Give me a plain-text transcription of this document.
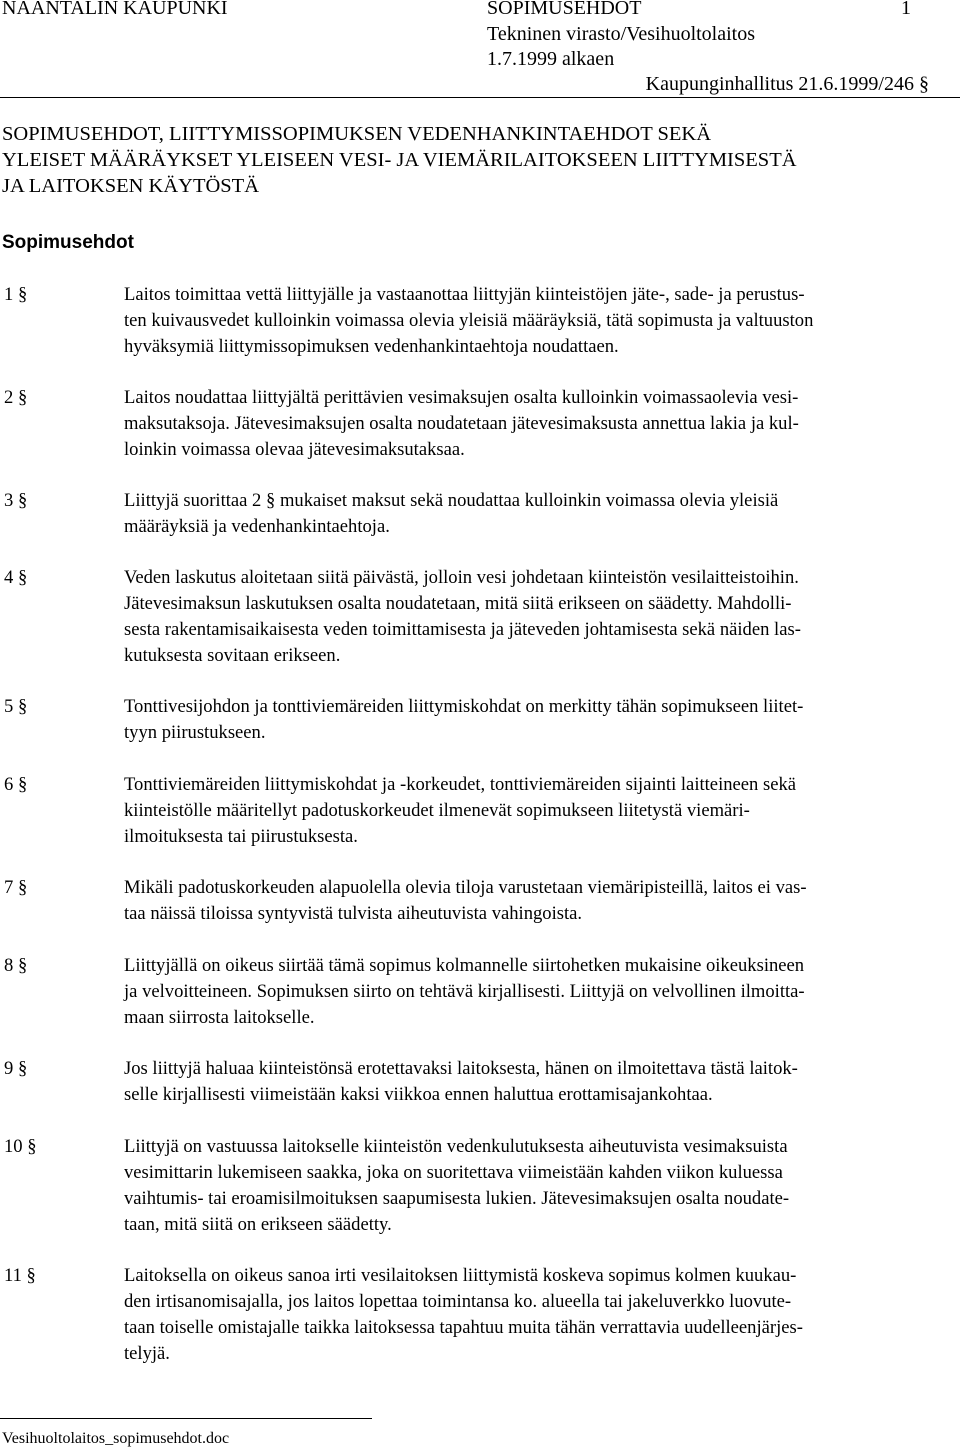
NAANTALIN KAUPUNKI	SOPIMUSEHDOT	1
Tekninen virasto/Vesihuoltolaitos
1.7.1999 alkaen
Kaupunginhallitus 21.6.1999/246 §
SOPIMUSEHDOT, LIITTYMISSOPIMUKSEN VEDENHANKINTAEHDOT SEKÄ
YLEISET MÄÄRÄYKSET YLEISEEN VESI- JA VIEMÄRILAITOKSEEN LIITTYMISESTÄ
JA LAITOKSEN KÄYTÖSTÄ
Sopimusehdot
1 §	Laitos toimittaa vettä liittyjälle ja vastaanottaa liittyjän kiinteistöjen jäte-, sade- ja perustus-
ten kuivausvedet kulloinkin voimassa olevia yleisiä määräyksiä, tätä sopimusta ja valtuuston
hyväksymiä liittymissopimuksen vedenhankintaehtoja noudattaen.
2 §	Laitos noudattaa liittyjältä perittävien vesimaksujen osalta kulloinkin voimassaolevia vesi-
maksutaksoja. Jätevesimaksujen osalta noudatetaan jätevesimaksusta annettua lakia ja kul-
loinkin voimassa olevaa jätevesimaksutaksaa.
3 §	Liittyjä suorittaa 2 § mukaiset maksut sekä noudattaa kulloinkin voimassa olevia yleisiä
määräyksiä ja vedenhankintaehtoja.
4 §	Veden laskutus aloitetaan siitä päivästä, jolloin vesi johdetaan kiinteistön vesilaitteistoihin.
Jätevesimaksun laskutuksen osalta noudatetaan, mitä siitä erikseen on säädetty. Mahdolli-
sesta rakentamisaikaisesta veden toimittamisesta ja jäteveden johtamisesta sekä näiden las-
kutuksesta sovitaan erikseen.
5 §	Tonttivesijohdon ja tonttiviemäreiden liittymiskohdat on merkitty tähän sopimukseen liitet-
tyyn piirustukseen.
6 §	Tonttiviemäreiden liittymiskohdat ja -korkeudet, tonttiviemäreiden sijainti laitteineen sekä
kiinteistölle määritellyt padotuskorkeudet ilmenevät sopimukseen liitetystä viemäri-
ilmoituksesta tai piirustuksesta.
7 §	Mikäli padotuskorkeuden alapuolella olevia tiloja varustetaan viemäripisteillä, laitos ei vas-
taa näissä tiloissa syntyvistä tulvista aiheutuvista vahingoista.
8 §	Liittyjällä on oikeus siirtää tämä sopimus kolmannelle siirtohetken mukaisine oikeuksineen
ja velvoitteineen. Sopimuksen siirto on tehtävä kirjallisesti. Liittyjä on velvollinen ilmoitta-
maan siirrosta laitokselle.
9 §	Jos liittyjä haluaa kiinteistönsä erotettavaksi laitoksesta, hänen on ilmoitettava tästä laitok-
selle kirjallisesti viimeistään kaksi viikkoa ennen haluttua erottamisajankohtaa.
10 §	Liittyjä on vastuussa laitokselle kiinteistön vedenkulutuksesta aiheutuvista vesimaksuista
vesimittarin lukemiseen saakka, joka on suoritettava viimeistään kahden viikon kuluessa
vaihtumis- tai eroamisilmoituksen saapumisesta lukien. Jätevesimaksujen osalta noudate-
taan, mitä siitä on erikseen säädetty.
11 §	Laitoksella on oikeus sanoa irti vesilaitoksen liittymistä koskeva sopimus kolmen kuukau-
den irtisanomisajalla, jos laitos lopettaa toimintansa ko. alueella tai jakeluverkko luovute-
taan toiselle omistajalle taikka laitoksessa tapahtuu muita tähän verrattavia uudelleenjärjes-
telyjä.
Vesihuoltolaitos_sopimusehdot.doc
